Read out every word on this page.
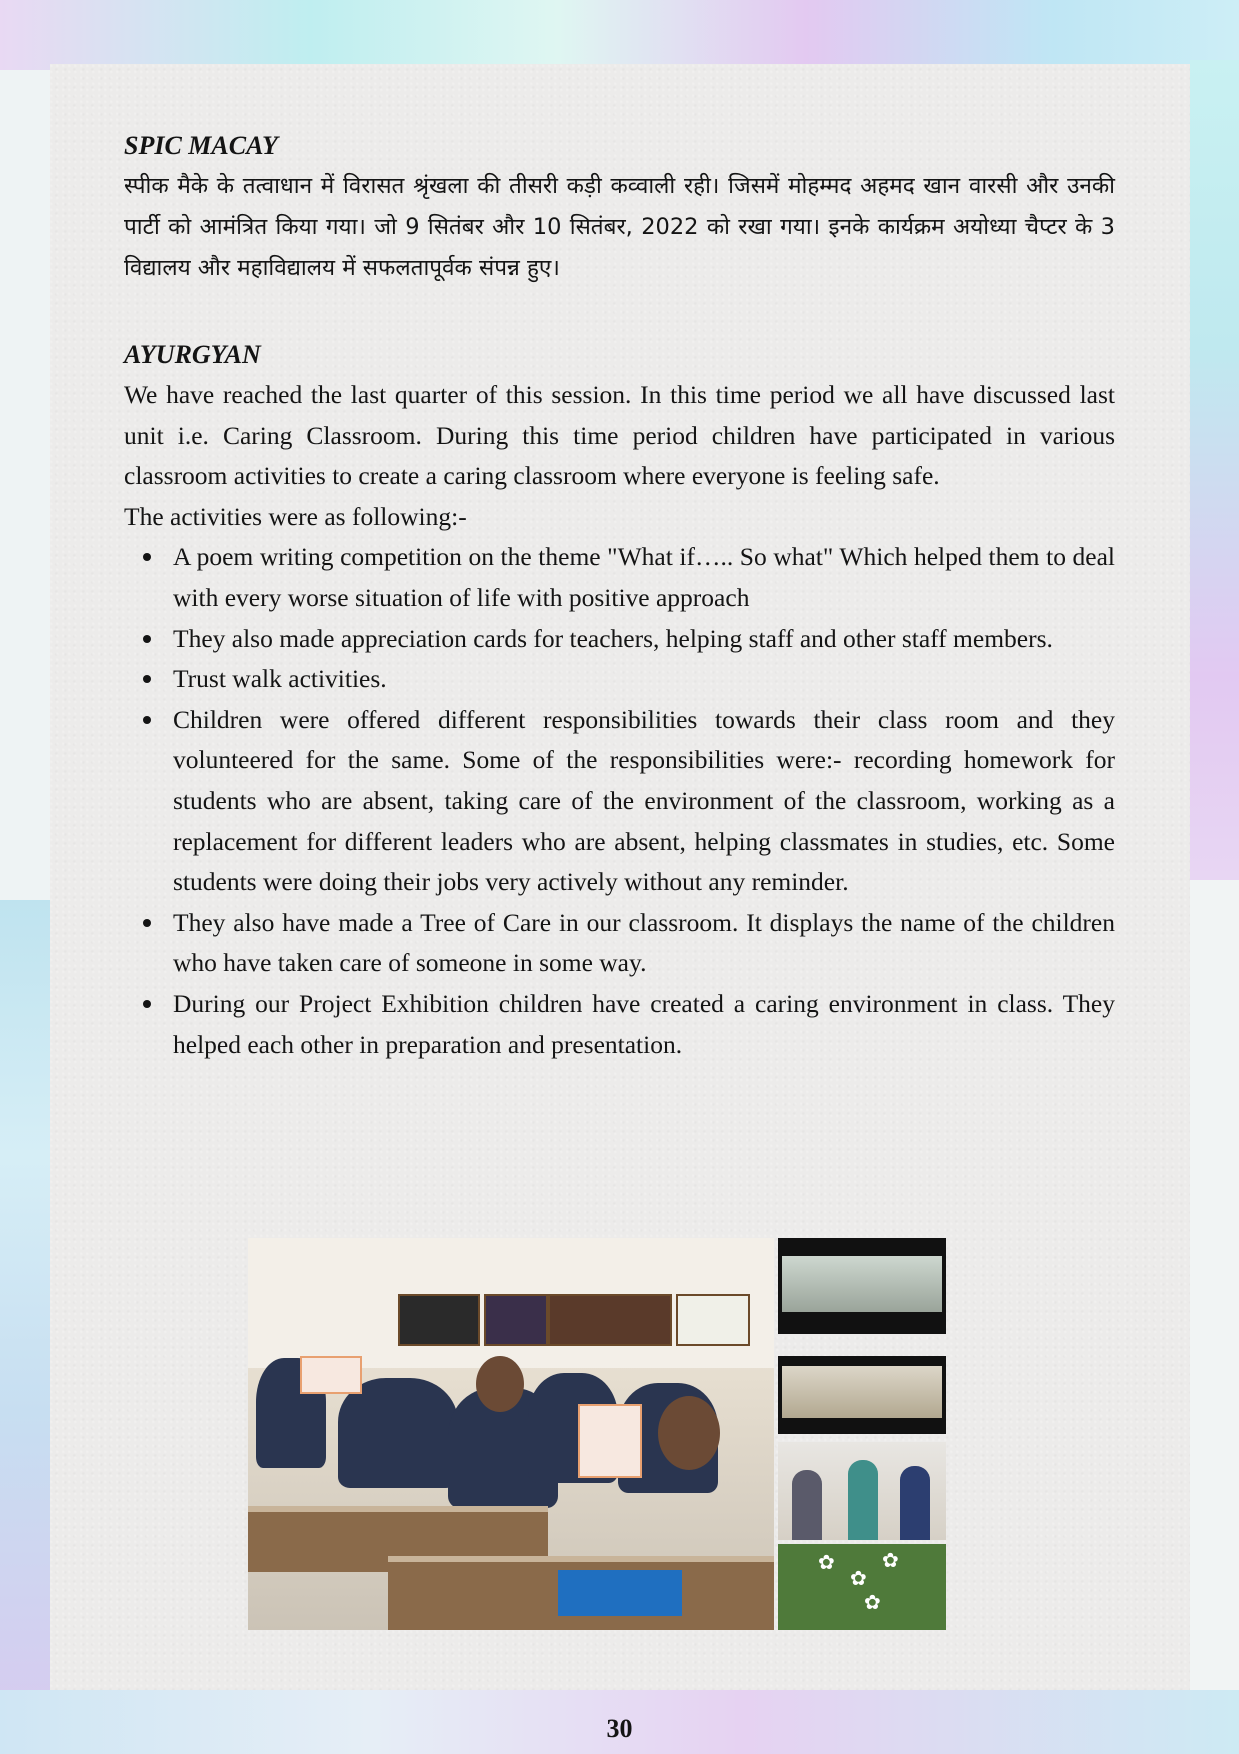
SPIC MACAY

स्पीक मैके के तत्वाधान में विरासत श्रृंखला की तीसरी कड़ी कव्वाली रही। जिसमें मोहम्मद अहमद खान वारसी और उनकी पार्टी को आमंत्रित किया गया। जो 9 सितंबर और 10 सितंबर, 2022 को रखा गया। इनके कार्यक्रम अयोध्या चैप्टर के 3 विद्यालय और महाविद्यालय में सफलतापूर्वक संपन्न हुए।

AYURGYAN

We have reached the last quarter of this session. In this time period we all have discussed last unit i.e. Caring Classroom. During this time period children have participated in various classroom activities to create a caring classroom where everyone is feeling safe.

The activities were as following:-

A poem writing competition on the theme "What if….. So what" Which helped them to deal with every worse situation of life with positive approach
They also made appreciation cards for teachers, helping staff and other staff members.
Trust walk activities.
Children were offered different responsibilities towards their class room and they volunteered for the same. Some of the responsibilities were:- recording homework for students who are absent, taking care of the environment of the classroom, working as a replacement for different leaders who are absent, helping classmates in studies, etc. Some students were doing their jobs very actively without any reminder.
They also have made a Tree of Care in our classroom. It displays the name of the children who have taken care of someone in some way.
During our Project Exhibition children have created a caring environment in class. They helped each other in preparation and presentation.
✿
✿
✿
✿
30
